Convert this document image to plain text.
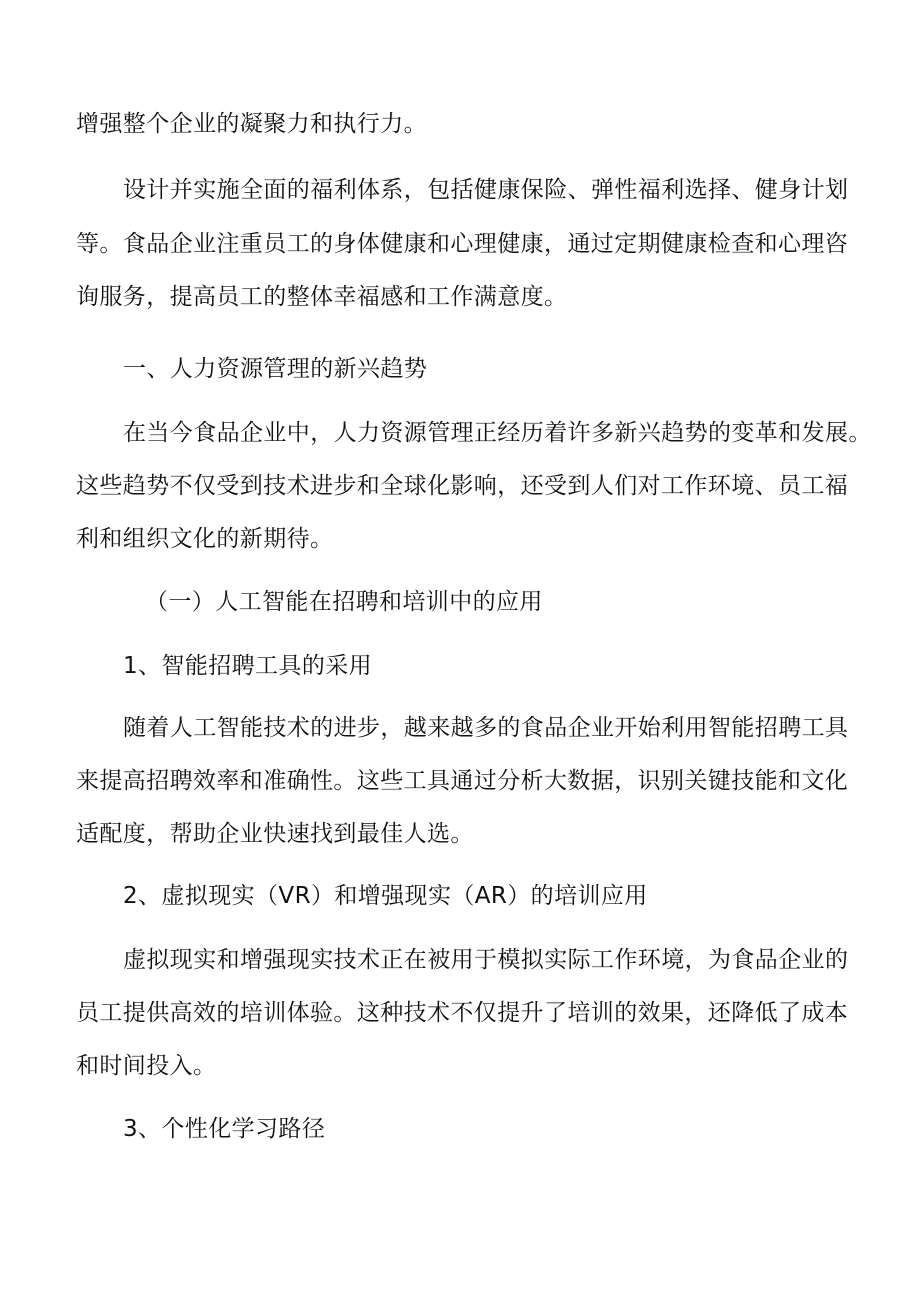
增强整个企业的凝聚力和执行力。
设计并实施全面的福利体系，包括健康保险、弹性福利选择、健身计划
等。食品企业注重员工的身体健康和心理健康，通过定期健康检查和心理咨
询服务，提高员工的整体幸福感和工作满意度。
一、人力资源管理的新兴趋势
在当今食品企业中，人力资源管理正经历着许多新兴趋势的变革和发展。
这些趋势不仅受到技术进步和全球化影响，还受到人们对工作环境、员工福
利和组织文化的新期待。
（一）人工智能在招聘和培训中的应用
1、智能招聘工具的采用
随着人工智能技术的进步，越来越多的食品企业开始利用智能招聘工具
来提高招聘效率和准确性。这些工具通过分析大数据，识别关键技能和文化
适配度，帮助企业快速找到最佳人选。
2、虚拟现实（VR）和增强现实（AR）的培训应用
虚拟现实和增强现实技术正在被用于模拟实际工作环境，为食品企业的
员工提供高效的培训体验。这种技术不仅提升了培训的效果，还降低了成本
和时间投入。
3、个性化学习路径
